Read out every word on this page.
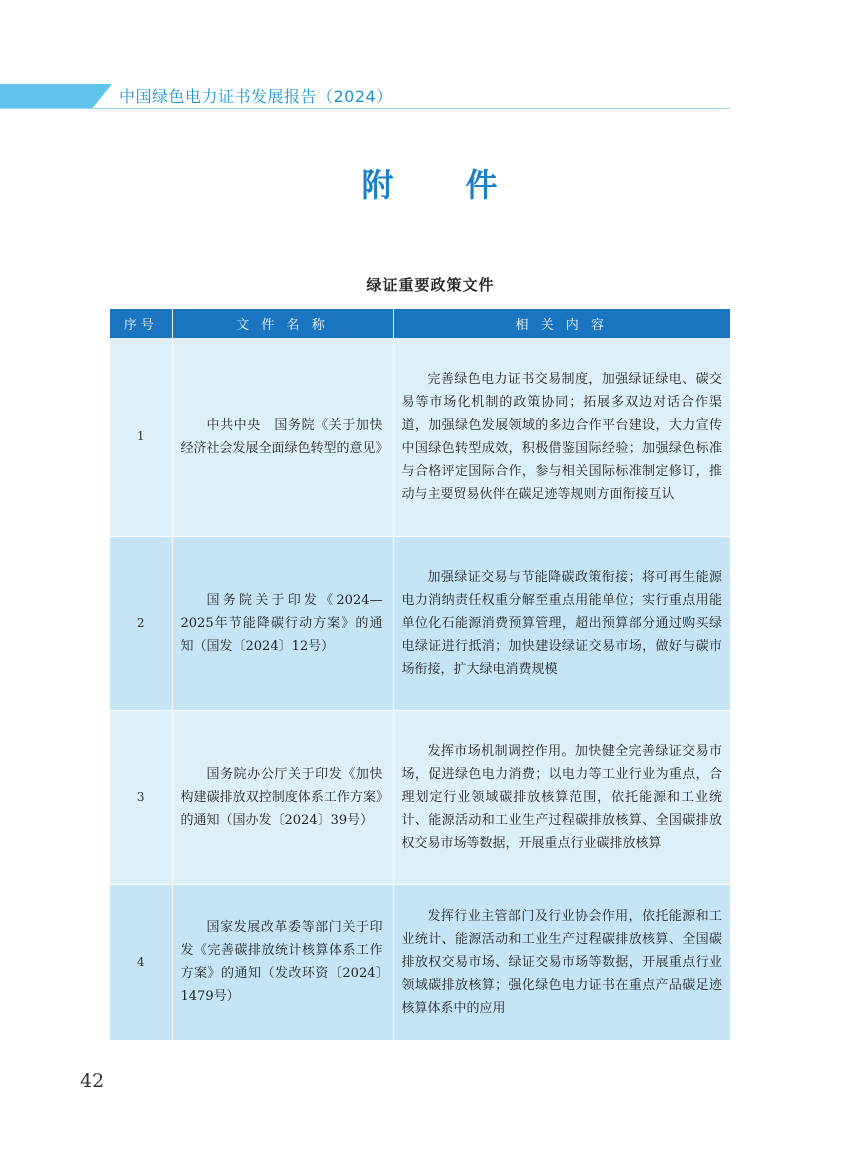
中国绿色电力证书发展报告（2024）
附 件
绿证重要政策文件
序号	文 件 名 称	相 关 内 容
1	中共中央　国务院《关于加快经济社会发展全面绿色转型的意见》	完善绿色电力证书交易制度，加强绿证绿电、碳交易等市场化机制的政策协同；拓展多双边对话合作渠道，加强绿色发展领域的多边合作平台建设，大力宣传中国绿色转型成效，积极借鉴国际经验；加强绿色标准与合格评定国际合作，参与相关国际标准制定修订，推动与主要贸易伙伴在碳足迹等规则方面衔接互认

2	国务院关于印发《2024—2025年节能降碳行动方案》的通知（国发〔2024〕12号）	加强绿证交易与节能降碳政策衔接；将可再生能源电力消纳责任权重分解至重点用能单位；实行重点用能单位化石能源消费预算管理，超出预算部分通过购买绿电绿证进行抵消；加快建设绿证交易市场，做好与碳市场衔接，扩大绿电消费规模

3	国务院办公厅关于印发《加快构建碳排放双控制度体系工作方案》的通知（国办发〔2024〕39号）	发挥市场机制调控作用。加快健全完善绿证交易市场，促进绿色电力消费；以电力等工业行业为重点，合理划定行业领域碳排放核算范围，依托能源和工业统计、能源活动和工业生产过程碳排放核算、全国碳排放权交易市场等数据，开展重点行业碳排放核算

4	国家发展改革委等部门关于印发《完善碳排放统计核算体系工作方案》的通知（发改环资〔2024〕1479号）	发挥行业主管部门及行业协会作用，依托能源和工业统计、能源活动和工业生产过程碳排放核算、全国碳排放权交易市场、绿证交易市场等数据，开展重点行业领域碳排放核算；强化绿色电力证书在重点产品碳足迹核算体系中的应用
42
